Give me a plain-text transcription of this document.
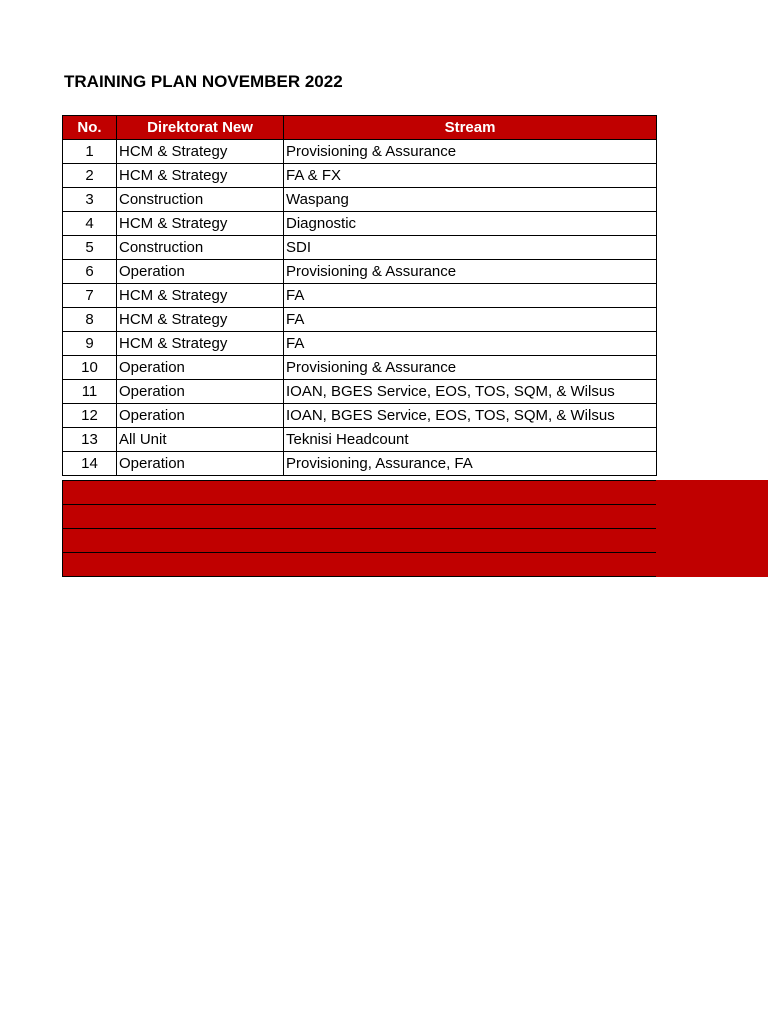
TRAINING PLAN NOVEMBER 2022
No.	Direktorat New	Stream
1	HCM & Strategy	Provisioning & Assurance
2	HCM & Strategy	FA & FX
3	Construction	Waspang
4	HCM & Strategy	Diagnostic
5	Construction	SDI
6	Operation	Provisioning & Assurance
7	HCM & Strategy	FA
8	HCM & Strategy	FA
9	HCM & Strategy	FA
10	Operation	Provisioning & Assurance
11	Operation	IOAN, BGES Service, EOS, TOS, SQM, & Wilsus
12	Operation	IOAN, BGES Service, EOS, TOS, SQM, & Wilsus
13	All Unit	Teknisi Headcount
14	Operation	Provisioning, Assurance, FA
